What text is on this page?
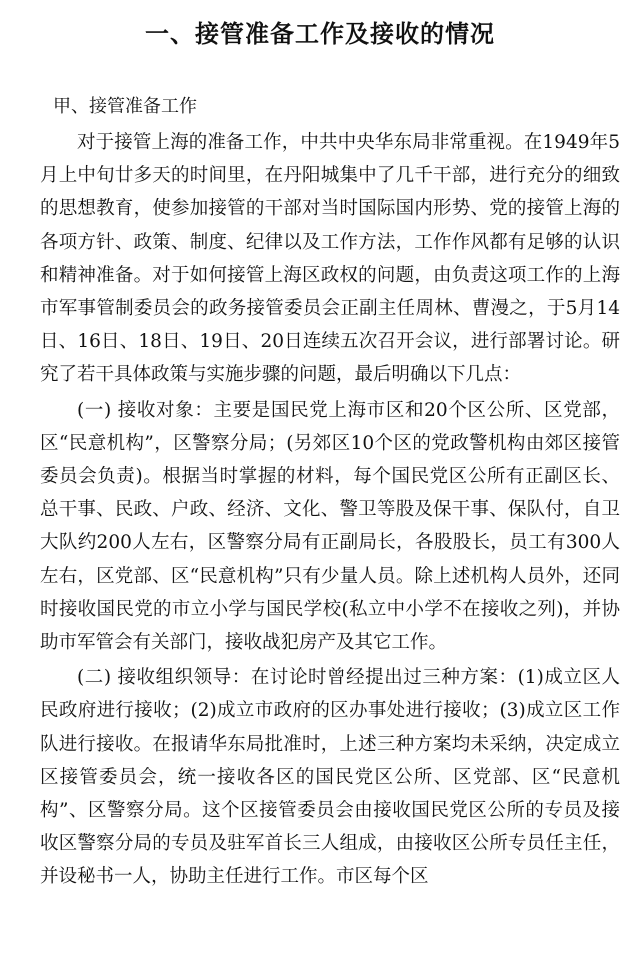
一、接管准备工作及接收的情况

甲、接管准备工作

对于接管上海的准备工作，中共中央华东局非常重视。在1949年5月上中旬廿多天的时间里，在丹阳城集中了几千干部，进行充分的细致的思想教育，使参加接管的干部对当时国际国内形势、党的接管上海的各项方针、政策、制度、纪律以及工作方法，工作作风都有足够的认识和精神准备。对于如何接管上海区政权的问题，由负责这项工作的上海市军事管制委员会的政务接管委员会正副主任周林、曹漫之，于5月14日、16日、18日、19日、20日连续五次召开会议，进行部署讨论。研究了若干具体政策与实施步骤的问题，最后明确以下几点：

(一) 接收对象：主要是国民党上海市区和20个区公所、区党部，区“民意机构”，区警察分局；(另郊区10个区的党政警机构由郊区接管委员会负责)。根据当时掌握的材料，每个国民党区公所有正副区长、总干事、民政、户政、经济、文化、警卫等股及保干事、保队付，自卫大队约200人左右，区警察分局有正副局长，各股股长，员工有300人左右，区党部、区“民意机构”只有少量人员。除上述机构人员外，还同时接收国民党的市立小学与国民学校(私立中小学不在接收之列)，并协助市军管会有关部门，接收战犯房产及其它工作。

(二) 接收组织领导：在讨论时曾经提出过三种方案：(1)成立区人民政府进行接收；(2)成立市政府的区办事处进行接收；(3)成立区工作队进行接收。在报请华东局批准时，上述三种方案均未采纳，决定成立区接管委员会，统一接收各区的国民党区公所、区党部、区“民意机构”、区警察分局。这个区接管委员会由接收国民党区公所的专员及接收区警察分局的专员及驻军首长三人组成，由接收区公所专员任主任，并设秘书一人，协助主任进行工作。市区每个区
